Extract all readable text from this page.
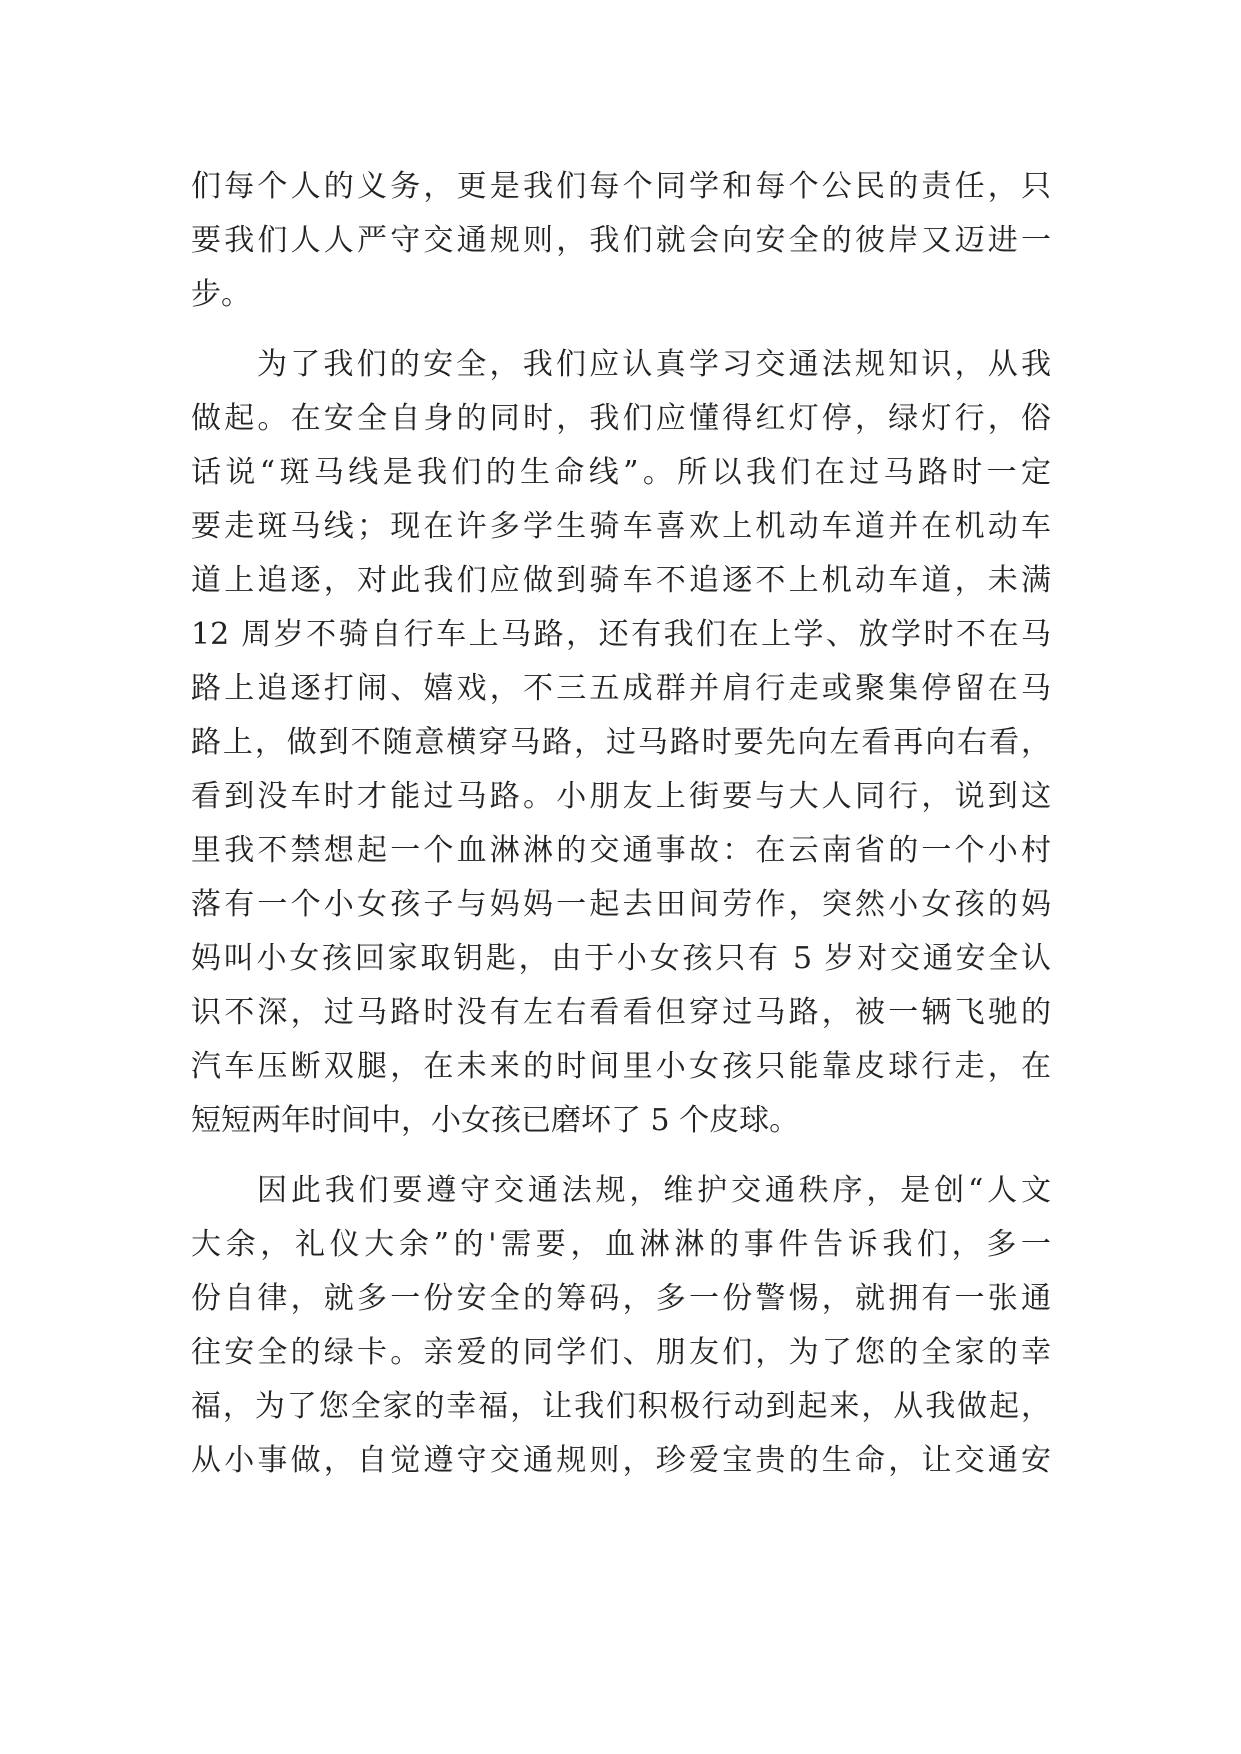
们每个人的义务，更是我们每个同学和每个公民的责任，只
要我们人人严守交通规则，我们就会向安全的彼岸又迈进一
步。
为了我们的安全，我们应认真学习交通法规知识，从我
做起。在安全自身的同时，我们应懂得红灯停，绿灯行，俗
话说“斑马线是我们的生命线”。所以我们在过马路时一定
要走斑马线；现在许多学生骑车喜欢上机动车道并在机动车
道上追逐，对此我们应做到骑车不追逐不上机动车道，未满
12 周岁不骑自行车上马路，还有我们在上学、放学时不在马
路上追逐打闹、嬉戏，不三五成群并肩行走或聚集停留在马
路上，做到不随意横穿马路，过马路时要先向左看再向右看，
看到没车时才能过马路。小朋友上街要与大人同行，说到这
里我不禁想起一个血淋淋的交通事故：在云南省的一个小村
落有一个小女孩子与妈妈一起去田间劳作，突然小女孩的妈
妈叫小女孩回家取钥匙，由于小女孩只有 5 岁对交通安全认
识不深，过马路时没有左右看看但穿过马路，被一辆飞驰的
汽车压断双腿，在未来的时间里小女孩只能靠皮球行走，在
短短两年时间中，小女孩已磨坏了 5 个皮球。
因此我们要遵守交通法规，维护交通秩序，是创“人文
大余，礼仪大余”的'需要，血淋淋的事件告诉我们，多一
份自律，就多一份安全的筹码，多一份警惕，就拥有一张通
往安全的绿卡。亲爱的同学们、朋友们，为了您的全家的幸
福，为了您全家的幸福，让我们积极行动到起来，从我做起，
从小事做，自觉遵守交通规则，珍爱宝贵的生命，让交通安
